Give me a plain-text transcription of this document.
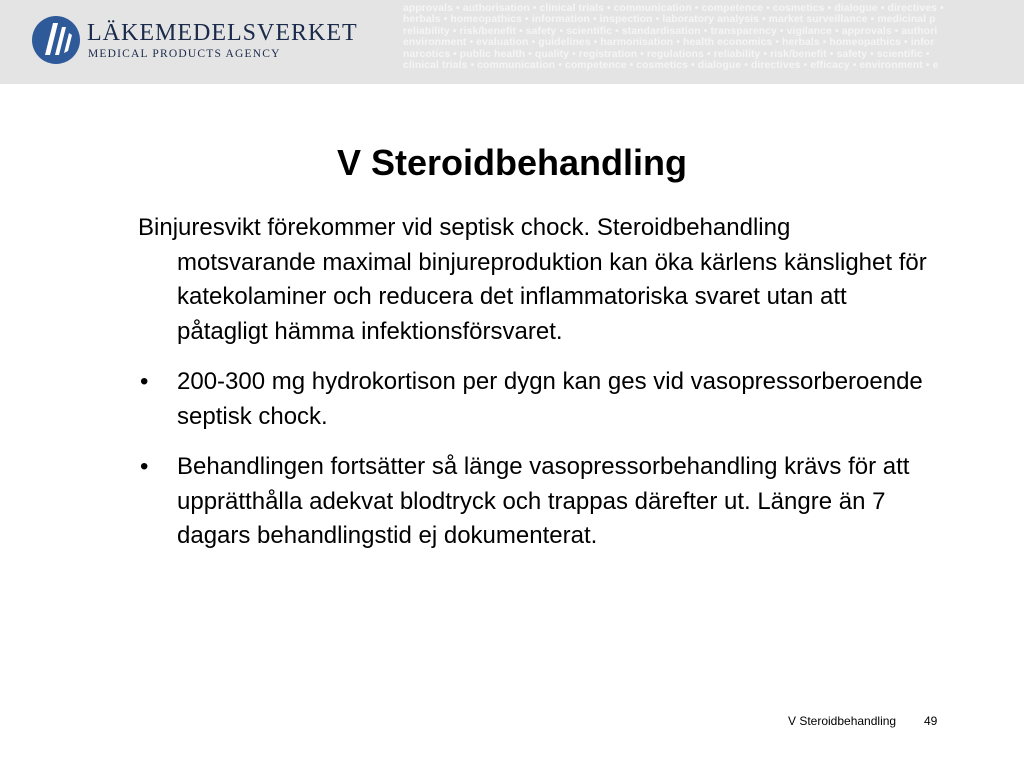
LÄKEMEDELSVERKET
MEDICAL PRODUCTS AGENCY
approvals • authorisation • clinical trials • communication • competence • cosmetics • dialogue • directives •
herbals • homeopathics • information • inspection • laboratory analysis • market surveillance • medicinal p
reliability • risk/benefit • safety • scientific • standardisation • transparency • vigilance • approvals • authori
environment • evaluation • guidelines • harmonisation • health economics • herbals • homeopathics • infor
narcotics • public health • quality • registration • regulations • reliability • risk/benefit • safety • scientific •
clinical trials • communication • competence • cosmetics • dialogue • directives • efficacy • environment • e
V Steroidbehandling

Binjuresvikt förekommer vid septisk chock. Steroidbehandling motsvarande maximal binjureproduktion kan öka kärlens känslighet för katekolaminer och reducera det inflammatoriska svaret utan att påtagligt hämma infektionsförsvaret.

• 200-300 mg hydrokortison per dygn kan ges vid vasopressorberoende septisk chock.
• Behandlingen fortsätter så länge vasopressorbehandling krävs för att upprätthålla adekvat blodtryck och trappas därefter ut. Längre än 7 dagars behandlingstid ej dokumenterat.
V Steroidbehandling 49
